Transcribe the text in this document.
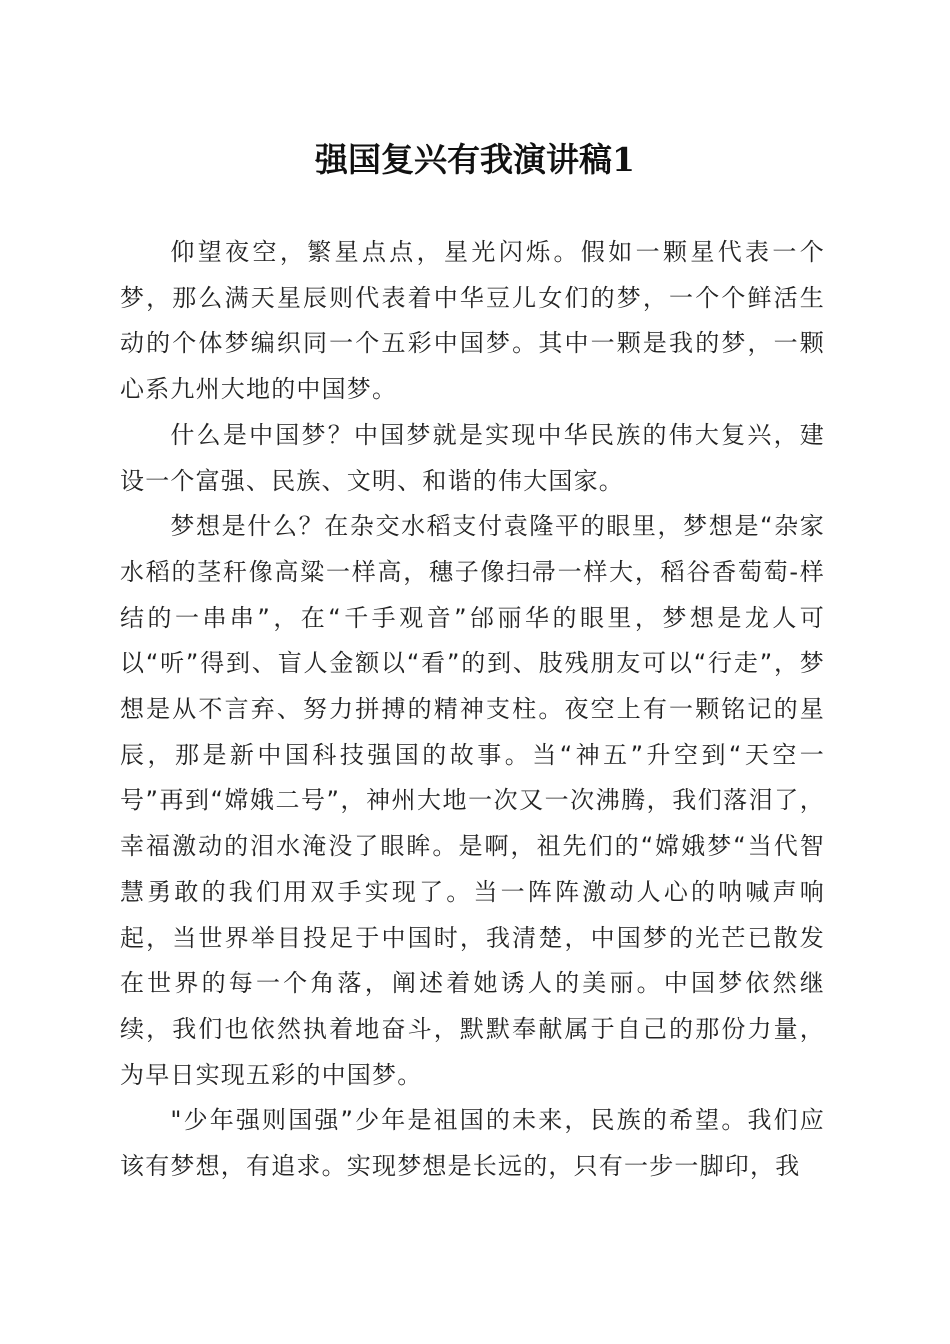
强国复兴有我演讲稿1

仰望夜空，繁星点点，星光闪烁。假如一颗星代表一个梦，那么满天星辰则代表着中华豆儿女们的梦，一个个鲜活生动的个体梦编织同一个五彩中国梦。其中一颗是我的梦，一颗心系九州大地的中国梦。

什么是中国梦？中国梦就是实现中华民族的伟大复兴，建设一个富强、民族、文明、和谐的伟大国家。

梦想是什么？在杂交水稻支付袁隆平的眼里，梦想是“杂家水稻的茎秆像高粱一样高，穗子像扫帚一样大，稻谷香萄萄-样结的一串串”，在“千手观音”邰丽华的眼里，梦想是龙人可以“听”得到、盲人金额以“看”的到、肢残朋友可以“行走”，梦想是从不言弃、努力拼搏的精神支柱。夜空上有一颗铭记的星辰，那是新中国科技强国的故事。当“神五”升空到“天空一号”再到“嫦娥二号”，神州大地一次又一次沸腾，我们落泪了，幸福激动的泪水淹没了眼眸。是啊，祖先们的“嫦娥梦“当代智慧勇敢的我们用双手实现了。当一阵阵激动人心的呐喊声响起，当世界举目投足于中国时，我清楚，中国梦的光芒已散发在世界的每一个角落，阐述着她诱人的美丽。中国梦依然继续，我们也依然执着地奋斗，默默奉献属于自己的那份力量，为早日实现五彩的中国梦。

"少年强则国强”少年是祖国的未来，民族的希望。我们应该有梦想，有追求。实现梦想是长远的，只有一步一脚印，我
